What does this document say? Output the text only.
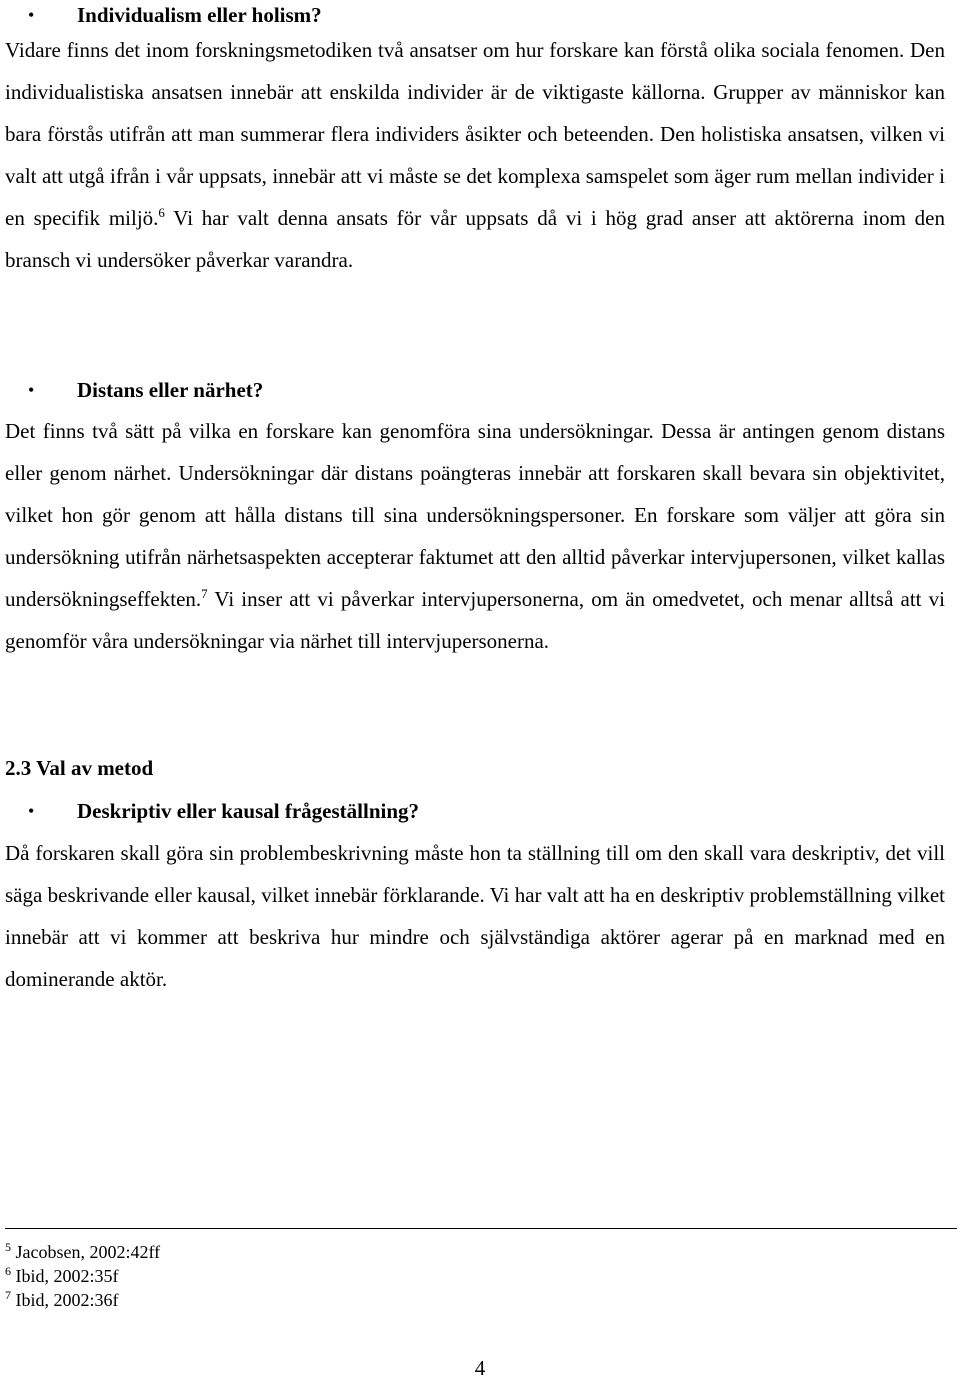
• Individualism eller holism?

Vidare finns det inom forskningsmetodiken två ansatser om hur forskare kan förstå olika sociala fenomen. Den individualistiska ansatsen innebär att enskilda individer är de viktigaste källorna. Grupper av människor kan bara förstås utifrån att man summerar flera individers åsikter och beteenden. Den holistiska ansatsen, vilken vi valt att utgå ifrån i vår uppsats, innebär att vi måste se det komplexa samspelet som äger rum mellan individer i en specifik miljö.$^6$ Vi har valt denna ansats för vår uppsats då vi i hög grad anser att aktörerna inom den bransch vi undersöker påverkar varandra.

• Distans eller närhet?

Det finns två sätt på vilka en forskare kan genomföra sina undersökningar. Dessa är antingen genom distans eller genom närhet. Undersökningar där distans poängteras innebär att forskaren skall bevara sin objektivitet, vilket hon gör genom att hålla distans till sina undersökningspersoner. En forskare som väljer att göra sin undersökning utifrån närhetsaspekten accepterar faktumet att den alltid påverkar intervjupersonen, vilket kallas undersökningseffekten.$^7$ Vi inser att vi påverkar intervjupersonerna, om än omedvetet, och menar alltså att vi genomför våra undersökningar via närhet till intervjupersonerna.

2.3 Val av metod
• Deskriptiv eller kausal frågeställning?

Då forskaren skall göra sin problembeskrivning måste hon ta ställning till om den skall vara deskriptiv, det vill säga beskrivande eller kausal, vilket innebär förklarande. Vi har valt att ha en deskriptiv problemställning vilket innebär att vi kommer att beskriva hur mindre och självständiga aktörer agerar på en marknad med en dominerande aktör.

$^5$ Jacobsen, 2002:42ff
$^6$ Ibid, 2002:35f
$^7$ Ibid, 2002:36f
4
